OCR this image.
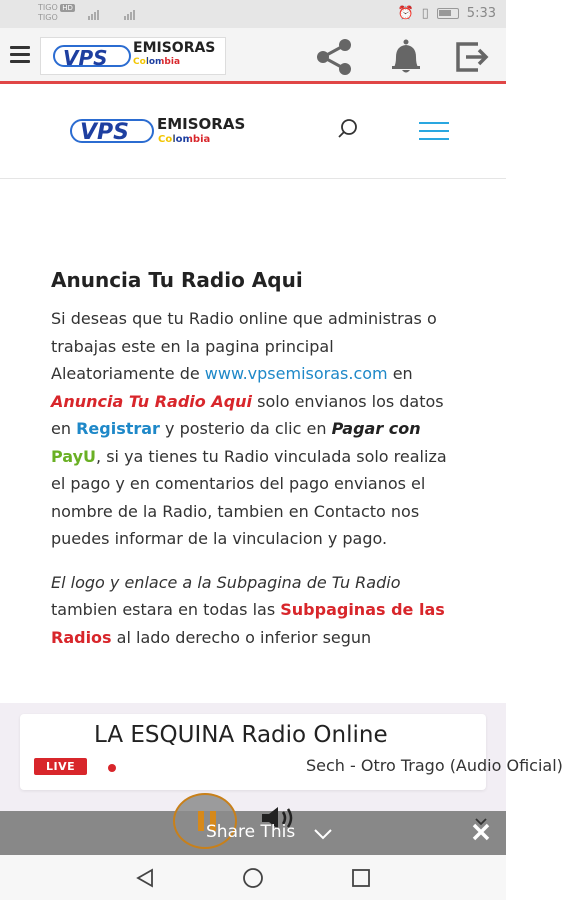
TIGO HD
TIGO	⏰ ▯	5:33
VPS EMISORAS
Colombia
VPS EMISORAS
Colombia
Anuncia Tu Radio Aqui

Si deseas que tu Radio online que administras o trabajas este en la pagina principal Aleatoriamente de www.vpsemisoras.com en Anuncia Tu Radio Aqui solo envianos los datos en Registrar y posterio da clic en Pagar con PayU, si ya tienes tu Radio vinculada solo realiza el pago y en comentarios del pago envianos el nombre de la Radio, tambien en Contacto nos puedes informar de la vinculacion y pago.

El logo y enlace a la Subpagina de Tu Radio tambien estara en todas las Subpaginas de las Radios al lado derecho o inferior segun

LA ESQUINA Radio Online
LIVE	Sech - Otro Trago (Audio Oficial)
Share This
